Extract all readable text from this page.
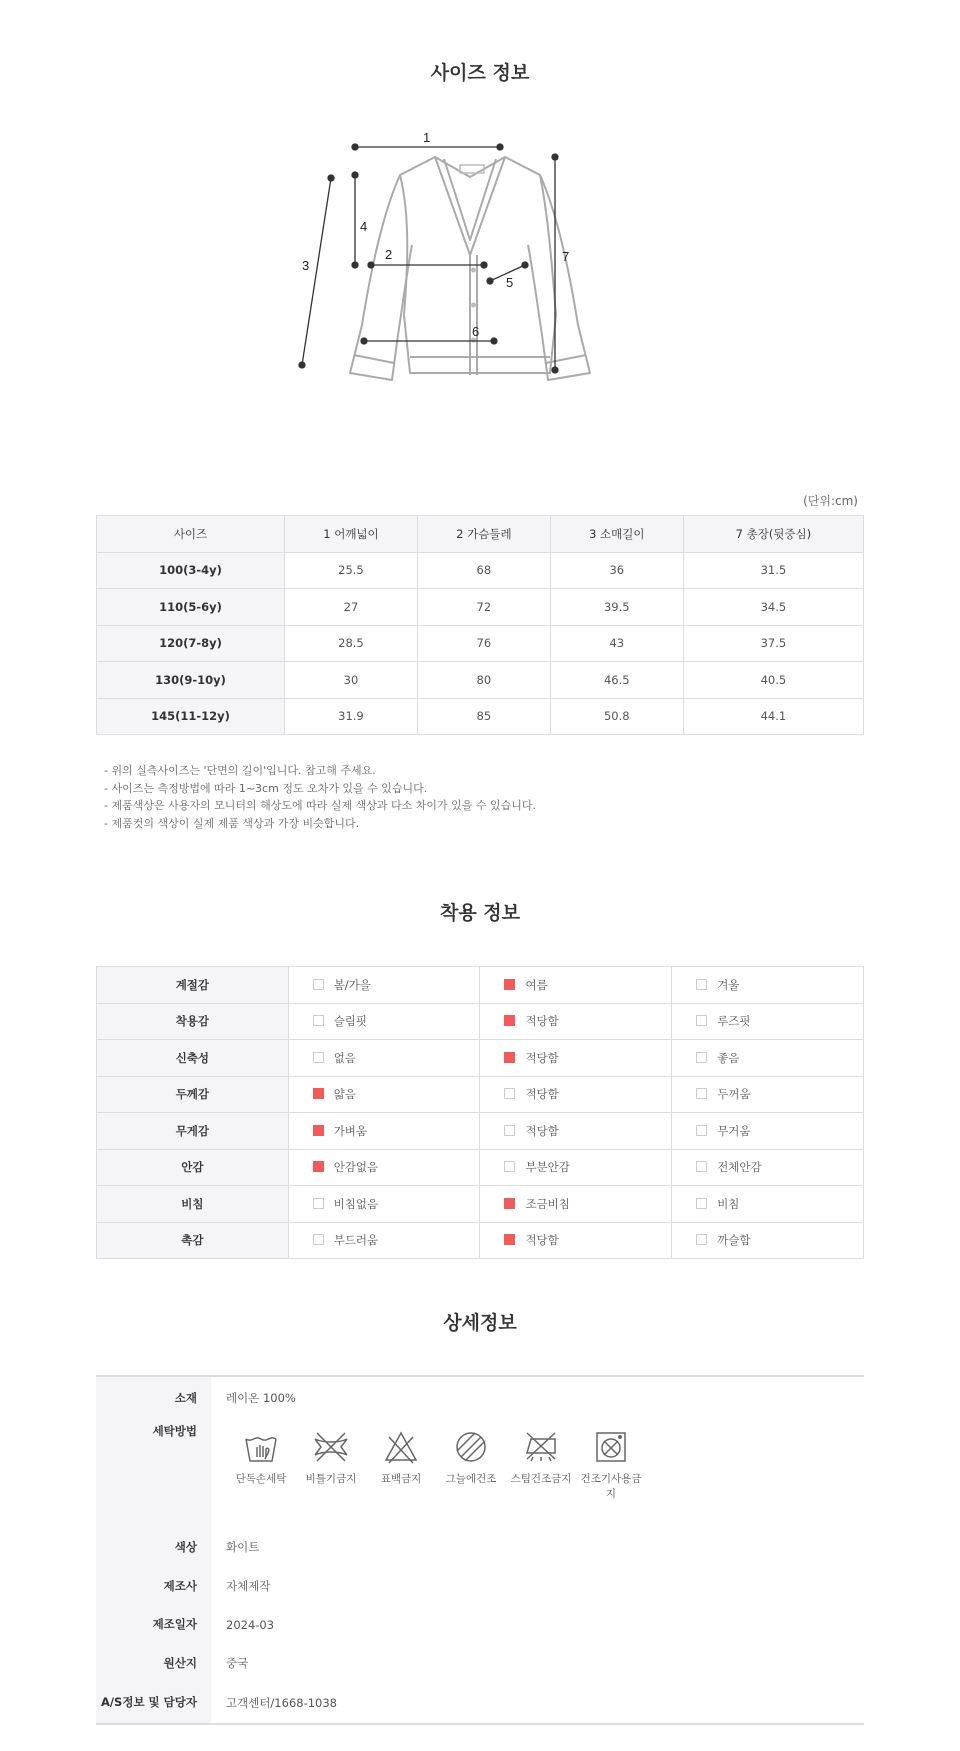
사이즈 정보
1
2
3
4
5
6
7
(단위:cm)
사이즈	1 어깨넓이	2 가슴둘레	3 소매길이	7 총장(뒷중심)
100(3-4y)	25.5	68	36	31.5
110(5-6y)	27	72	39.5	34.5
120(7-8y)	28.5	76	43	37.5
130(9-10y)	30	80	46.5	40.5
145(11-12y)	31.9	85	50.8	44.1
- 위의 실측사이즈는 '단면의 길이'입니다. 참고해 주세요.
- 사이즈는 측정방법에 따라 1~3cm 정도 오차가 있을 수 있습니다.
- 제품색상은 사용자의 모니터의 해상도에 따라 실제 색상과 다소 차이가 있을 수 있습니다.
- 제품컷의 색상이 실제 제품 색상과 가장 비슷합니다.
착용 정보
계절감	봄/가을	여름	겨울
착용감	슬림핏	적당함	루즈핏
신축성	없음	적당함	좋음
두께감	얇음	적당함	두꺼움
무게감	가벼움	적당함	무거움
안감	안감없음	부분안감	전체안감
비침	비침없음	조금비침	비침
촉감	부드러움	적당함	까슬함
상세정보
소재	레이온 100%
세탁방법
단독손세탁	비틀기금지	표백금지	그늘에건조	스팀건조금지 건조기사용금지
색상	화이트
제조사	자체제작
제조일자	2024-03
원산지	중국
A/S정보 및 담당자	고객센터/1668-1038
